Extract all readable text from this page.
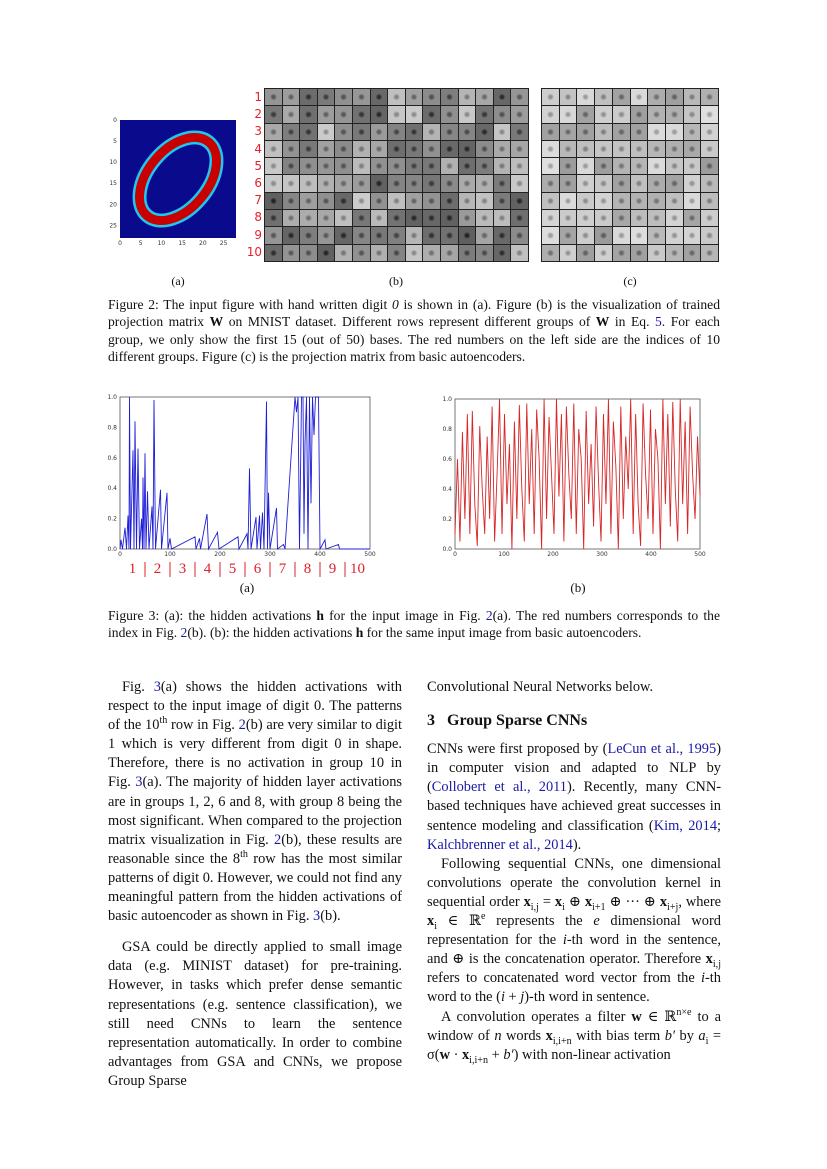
0
0
5
5
10
10
15
15
20
20
25
25
(a)
1
2
3
4
5
6
7
8
9
10
(b)	(c)
Figure 2: The input figure with hand written digit 0 is shown in (a). Figure (b) is the visualization of trained projection matrix W on MNIST dataset. Different rows represent different groups of W in Eq. 5. For each group, we only show the first 15 (out of 50) bases. The red numbers on the left side are the indices of 10 different groups. Figure (c) is the projection matrix from basic autoencoders.
0.0
0.2
0.4
0.6
0.8
1.0
0	100	200	300	400	500
1 2 3 4 5 6 7 8 9 10
(a)
0.0
0.2
0.4
0.6
0.8
1.0
0	100	200	300	400	500
(b)
Figure 3: (a): the hidden activations h for the input image in Fig. 2(a). The red numbers corresponds to the index in Fig. 2(b). (b): the hidden activations h for the same input image from basic autoencoders.

Fig. 3(a) shows the hidden activations with respect to the input image of digit 0. The patterns of the 10th row in Fig. 2(b) are very similar to digit 1 which is very different from digit 0 in shape. Therefore, there is no activation in group 10 in Fig. 3(a). The majority of hidden layer activations are in groups 1, 2, 6 and 8, with group 8 being the most significant. When compared to the projection matrix visualization in Fig. 2(b), these results are reasonable since the 8th row has the most similar patterns of digit 0. However, we could not find any meaningful pattern from the hidden activations of basic autoencoder as shown in Fig. 3(b).

GSA could be directly applied to small image data (e.g. MINIST dataset) for pre-training. However, in tasks which prefer dense semantic representations (e.g. sentence classification), we still need CNNs to learn the sentence representation automatically. In order to combine advantages from GSA and CNNs, we propose Group Sparse

Convolutional Neural Networks below.

3 Group Sparse CNNs

CNNs were first proposed by (LeCun et al., 1995) in computer vision and adapted to NLP by (Collobert et al., 2011). Recently, many CNN-based techniques have achieved great successes in sentence modeling and classification (Kim, 2014; Kalchbrenner et al., 2014).

Following sequential CNNs, one dimensional convolutions operate the convolution kernel in sequential order $x_{i,j} = x_i$ ⊕ $x_{i+1}$ ⊕ ··· ⊕ $x_{i+j}$, where $x_i$ ∈ ℝ$^e$ represents the e dimensional word representation for the i-th word in the sentence, and ⊕ is the concatenation operator. Therefore $x_{i,j}$ refers to concatenated word vector from the i-th word to the (i + j)-th word in sentence.

A convolution operates a filter w ∈ ℝ$^{n\times e}$ to a window of n words $x_{i,i+n}$ with bias term b′ by $a_i = \sigma(w \cdot x_{i,i+n} + b')$ with non-linear activation
